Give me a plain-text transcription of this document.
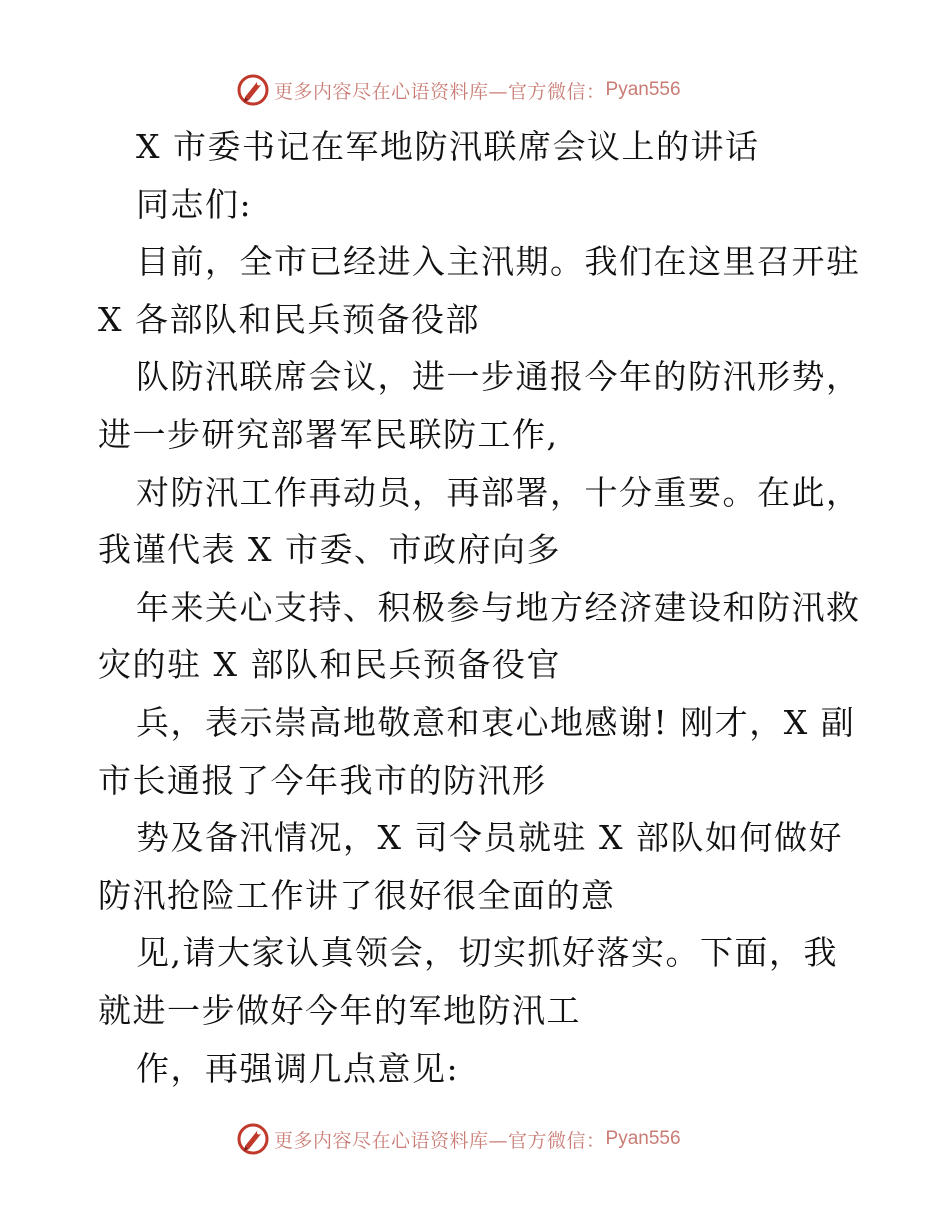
更多内容尽在心语资料库—官方微信： Pyan556
X 市委书记在军地防汛联席会议上的讲话
同志们:
目前，全市已经进入主汛期。我们在这里召开驻
X 各部队和民兵预备役部
队防汛联席会议，进一步通报今年的防汛形势，
进一步研究部署军民联防工作,
对防汛工作再动员，再部署，十分重要。在此，
我谨代表 X 市委、市政府向多
年来关心支持、积极参与地方经济建设和防汛救
灾的驻 X 部队和民兵预备役官
兵，表示崇高地敬意和衷心地感谢! 刚才，X 副
市长通报了今年我市的防汛形
势及备汛情况，X 司令员就驻 X 部队如何做好
防汛抢险工作讲了很好很全面的意
见,请大家认真领会，切实抓好落实。下面，我
就进一步做好今年的军地防汛工
作，再强调几点意见:
更多内容尽在心语资料库—官方微信： Pyan556
